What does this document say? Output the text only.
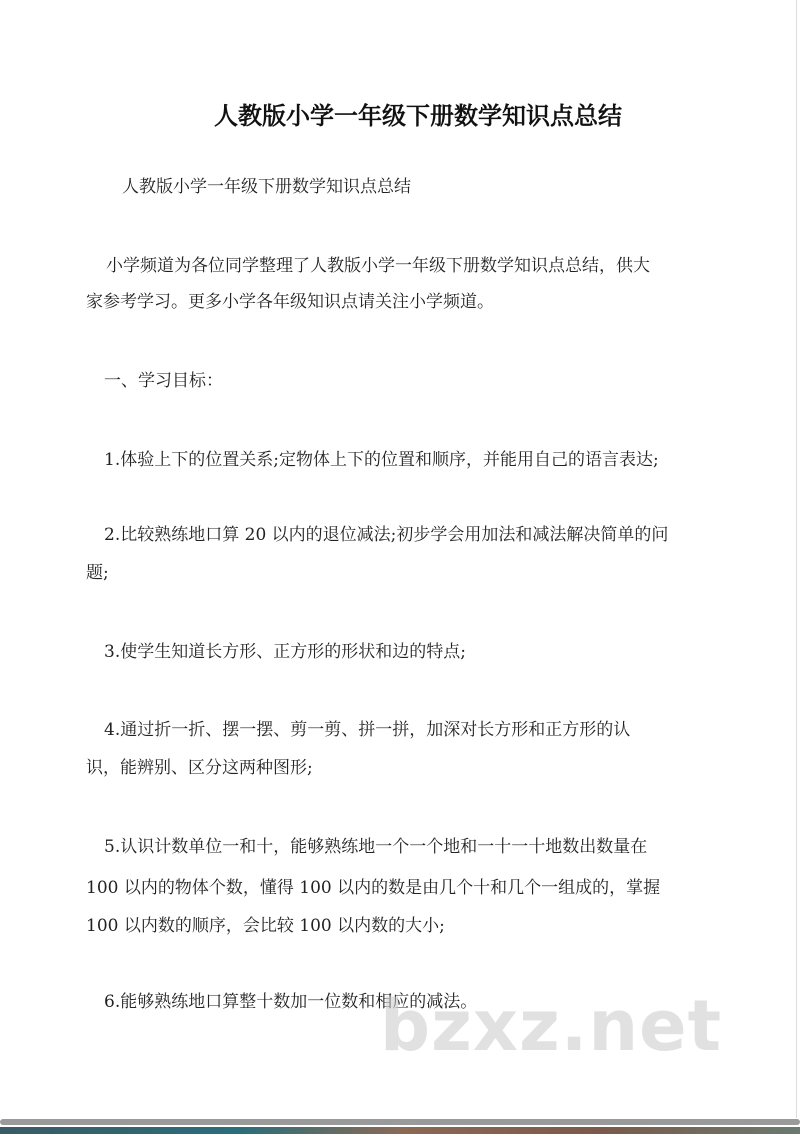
人教版小学一年级下册数学知识点总结
人教版小学一年级下册数学知识点总结
小学频道为各位同学整理了人教版小学一年级下册数学知识点总结，供大
家参考学习。更多小学各年级知识点请关注小学频道。
一、学习目标：
1.体验上下的位置关系;定物体上下的位置和顺序，并能用自己的语言表达;
2.比较熟练地口算 20 以内的退位减法;初步学会用加法和减法解决简单的问
题;
3.使学生知道长方形、正方形的形状和边的特点;
4.通过折一折、摆一摆、剪一剪、拼一拼，加深对长方形和正方形的认
识，能辨别、区分这两种图形;
5.认识计数单位一和十，能够熟练地一个一个地和一十一十地数出数量在
100 以内的物体个数，懂得 100 以内的数是由几个十和几个一组成的，掌握
100 以内数的顺序，会比较 100 以内数的大小;
6.能够熟练地口算整十数加一位数和相应的减法。
bzxz.net
